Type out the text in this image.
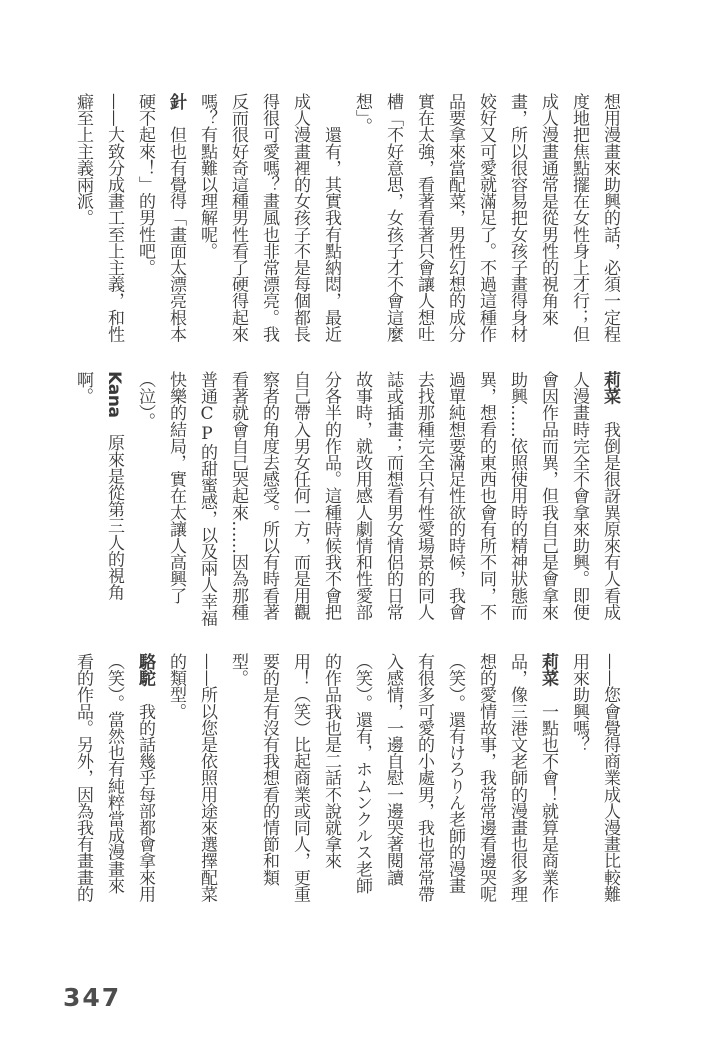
想用漫畫來助興的話，必須一定程
度地把焦點擺在女性身上才行；但
成人漫畫通常是從男性的視角來
畫，所以很容易把女孩子畫得身材
姣好又可愛就滿足了。不過這種作
品要拿來當配菜，男性幻想的成分
實在太強，看著看著只會讓人想吐
槽「不好意思，女孩子才不會這麼
想」。
　　還有，其實我有點納悶，最近
成人漫畫裡的女孩子不是每個都長
得很可愛嗎？畫風也非常漂亮。我
反而很好奇這種男性看了硬得起來
嗎？有點難以理解呢。
針　但也有覺得「畫面太漂亮根本
硬不起來！」的男性吧。
——大致分成畫工至上主義，和性
癖至上主義兩派。
莉菜　我倒是很訝異原來有人看成
人漫畫時完全不會拿來助興。即便
會因作品而異，但我自己是會拿來
助興……依照使用時的精神狀態而
異，想看的東西也會有所不同，不
過單純想要滿足性欲的時候，我會
去找那種完全只有性愛場景的同人
誌或插畫；而想看男女情侶的日常
故事時，就改用感人劇情和性愛部
分各半的作品。這種時候我不會把
自己帶入男女任何一方，而是用觀
察者的角度去感受。所以有時看著
看著就會自己哭起來……因為那種
普通CP的甜蜜感，以及兩人幸福
快樂的結局，實在太讓人高興了
（泣）。
Kana　原來是從第三人的視角
啊。
——您會覺得商業成人漫畫比較難
用來助興嗎？
莉菜　一點也不會！就算是商業作
品，像三港文老師的漫畫也很多理
想的愛情故事，我常常邊看邊哭呢
（笑）。還有けろりん老師的漫畫
有很多可愛的小處男，我也常常帶
入感情，一邊自慰一邊哭著閱讀
（笑）。還有，ホムンクルス老師
的作品我也是二話不說就拿來
用！（笑）比起商業或同人，更重
要的是有沒有我想看的情節和類
型。
——所以您是依照用途來選擇配菜
的類型。
駱駝　我的話幾乎每部都會拿來用
（笑）。當然也有純粹當成漫畫來
看的作品。另外，因為我有畫畫的
347
